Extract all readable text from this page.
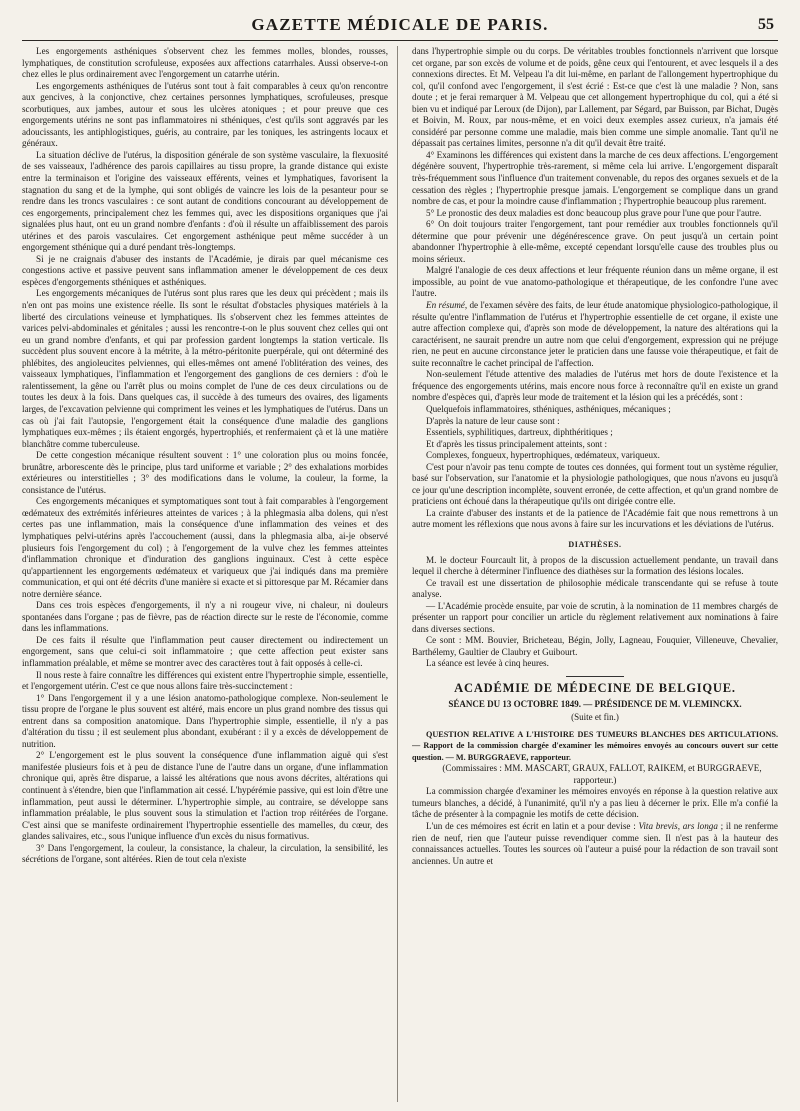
GAZETTE MÉDICALE DE PARIS.	55

Les engorgements asthéniques s'observent chez les femmes molles, blondes, rousses, lymphatiques, de constitution scrofuleuse, exposées aux affections catarrhales. Aussi observe-t-on chez elles le plus ordinairement avec l'engorgement un catarrhe utérin.

Les engorgements asthéniques de l'utérus sont tout à fait comparables à ceux qu'on rencontre aux gencives, à la conjonctive, chez certaines personnes lymphatiques, scrofuleuses, presque scorbutiques, aux jambes, autour et sous les ulcères atoniques ; et pour preuve que ces engorgements utérins ne sont pas inflammatoires ni sthéniques, c'est qu'ils sont aggravés par les adoucissants, les antiphlogistiques, guéris, au contraire, par les toniques, les astringents locaux et généraux.

La situation déclive de l'utérus, la disposition générale de son système vasculaire, la flexuosité de ses vaisseaux, l'adhérence des parois capillaires au tissu propre, la grande distance qui existe entre la terminaison et l'origine des vaisseaux efférents, veines et lymphatiques, favorisent la stagnation du sang et de la lymphe, qui sont obligés de vaincre les lois de la pesanteur pour se rendre dans les troncs vasculaires : ce sont autant de conditions concourant au développement de ces engorgements, principalement chez les femmes qui, avec les dispositions organiques que j'ai signalées plus haut, ont eu un grand nombre d'enfants : d'où il résulte un affaiblissement des parois utérines et des parois vasculaires. Cet engorgement asthénique peut même succéder à un engorgement sthénique qui a duré pendant très-longtemps.

Si je ne craignais d'abuser des instants de l'Académie, je dirais par quel mécanisme ces congestions active et passive peuvent sans inflammation amener le développement de ces deux espèces d'engorgements sthéniques et asthéniques.

Les engorgements mécaniques de l'utérus sont plus rares que les deux qui précèdent ; mais ils n'en ont pas moins une existence réelle. Ils sont le résultat d'obstacles physiques matériels à la liberté des circulations veineuse et lymphatiques. Ils s'observent chez les femmes atteintes de varices pelvi-abdominales et génitales ; aussi les rencontre-t-on le plus souvent chez celles qui ont eu un grand nombre d'enfants, et qui par profession gardent longtemps la station verticale. Ils succèdent plus souvent encore à la métrite, à la métro-péritonite puerpérale, qui ont déterminé des phlébites, des angioleucites pelviennes, qui elles-mêmes ont amené l'oblitération des veines, des vaisseaux lymphatiques, l'inflammation et l'engorgement des ganglions de ces derniers : d'où le ralentissement, la gêne ou l'arrêt plus ou moins complet de l'une de ces deux circulations ou de toutes les deux à la fois. Dans quelques cas, il succède à des tumeurs des ovaires, des ligaments larges, de l'excavation pelvienne qui compriment les veines et les lymphatiques de l'utérus. Dans un cas où j'ai fait l'autopsie, l'engorgement était la conséquence d'une maladie des ganglions lymphatiques eux-mêmes ; ils étaient engorgés, hypertrophiés, et renfermaient çà et là une matière blanchâtre comme tuberculeuse.

De cette congestion mécanique résultent souvent : 1° une coloration plus ou moins foncée, brunâtre, arborescente dès le principe, plus tard uniforme et variable ; 2° des exhalations morbides extérieures ou interstitielles ; 3° des modifications dans le volume, la couleur, la forme, la consistance de l'utérus.

Ces engorgements mécaniques et symptomatiques sont tout à fait comparables à l'engorgement œdémateux des extrémités inférieures atteintes de varices ; à la phlegmasia alba dolens, qui n'est certes pas une inflammation, mais la conséquence d'une inflammation des veines et des lymphatiques pelvi-utérins après l'accouchement (aussi, dans la phlegmasia alba, ai-je observé plusieurs fois l'engorgement du col) ; à l'engorgement de la vulve chez les femmes atteintes d'inflammation chronique et d'induration des ganglions inguinaux. C'est à cette espèce qu'appartiennent les engorgements œdémateux et variqueux que j'ai indiqués dans ma première communication, et qui ont été décrits d'une manière si exacte et si pittoresque par M. Récamier dans notre dernière séance.

Dans ces trois espèces d'engorgements, il n'y a ni rougeur vive, ni chaleur, ni douleurs spontanées dans l'organe ; pas de fièvre, pas de réaction directe sur le reste de l'économie, comme dans les inflammations.

De ces faits il résulte que l'inflammation peut causer directement ou indirectement un engorgement, sans que celui-ci soit inflammatoire ; que cette affection peut exister sans inflammation préalable, et même se montrer avec des caractères tout à fait opposés à celle-ci.

Il nous reste à faire connaître les différences qui existent entre l'hypertrophie simple, essentielle, et l'engorgement utérin. C'est ce que nous allons faire très-succinctement :

1° Dans l'engorgement il y a une lésion anatomo-pathologique complexe. Non-seulement le tissu propre de l'organe le plus souvent est altéré, mais encore un plus grand nombre des tissus qui entrent dans sa composition anatomique. Dans l'hypertrophie simple, essentielle, il n'y a pas d'altération du tissu ; il est seulement plus abondant, exubérant : il y a excès de développement de nutrition.

2° L'engorgement est le plus souvent la conséquence d'une inflammation aiguë qui s'est manifestée plusieurs fois et à peu de distance l'une de l'autre dans un organe, d'une inflammation chronique qui, après être disparue, a laissé les altérations que nous avons décrites, altérations qui continuent à s'étendre, bien que l'inflammation ait cessé. L'hypérémie passive, qui est loin d'être une inflammation, peut aussi le déterminer. L'hypertrophie simple, au contraire, se développe sans inflammation préalable, le plus souvent sous la stimulation et l'action trop réitérées de l'organe. C'est ainsi que se manifeste ordinairement l'hypertrophie essentielle des mamelles, du cœur, des glandes salivaires, etc., sous l'unique influence d'un excès du nisus formativus.

3° Dans l'engorgement, la couleur, la consistance, la chaleur, la circulation, la sensibilité, les sécrétions de l'organe, sont altérées. Rien de tout cela n'existe

dans l'hypertrophie simple ou du corps. De véritables troubles fonctionnels n'arrivent que lorsque cet organe, par son excès de volume et de poids, gêne ceux qui l'entourent, et avec lesquels il a des connexions directes. Et M. Velpeau l'a dit lui-même, en parlant de l'allongement hypertrophique du col, qu'il confond avec l'engorgement, il s'est écrié : Est-ce que c'est là une maladie ? Non, sans doute ; et je ferai remarquer à M. Velpeau que cet allongement hypertrophique du col, qui a été si bien vu et indiqué par Leroux (de Dijon), par Lallement, par Ségard, par Buisson, par Bichat, Dugès et Boivin, M. Roux, par nous-même, et en voici deux exemples assez curieux, n'a jamais été considéré par personne comme une maladie, mais bien comme une simple anomalie. Tant qu'il ne dépassait pas certaines limites, personne n'a dit qu'il devait être traité.

4° Examinons les différences qui existent dans la marche de ces deux affections. L'engorgement dégénère souvent, l'hypertrophie très-rarement, si même cela lui arrive. L'engorgement disparaît très-fréquemment sous l'influence d'un traitement convenable, du repos des organes sexuels et de la cessation des règles ; l'hypertrophie presque jamais. L'engorgement se complique dans un grand nombre de cas, et pour la moindre cause d'inflammation ; l'hypertrophie beaucoup plus rarement.

5° Le pronostic des deux maladies est donc beaucoup plus grave pour l'une que pour l'autre.

6° On doit toujours traiter l'engorgement, tant pour remédier aux troubles fonctionnels qu'il détermine que pour prévenir une dégénérescence grave. On peut jusqu'à un certain point abandonner l'hypertrophie à elle-même, excepté cependant lorsqu'elle cause des troubles plus ou moins sérieux.

Malgré l'analogie de ces deux affections et leur fréquente réunion dans un même organe, il est impossible, au point de vue anatomo-pathologique et thérapeutique, de les confondre l'une avec l'autre.

En résumé, de l'examen sévère des faits, de leur étude anatomique physiologico-pathologique, il résulte qu'entre l'inflammation de l'utérus et l'hypertrophie essentielle de cet organe, il existe une autre affection complexe qui, d'après son mode de développement, la nature des altérations qui la caractérisent, ne saurait prendre un autre nom que celui d'engorgement, expression qui ne préjuge rien, ne peut en aucune circonstance jeter le praticien dans une fausse voie thérapeutique, et fait de suite reconnaître le cachet principal de l'affection.

Non-seulement l'étude attentive des maladies de l'utérus met hors de doute l'existence et la fréquence des engorgements utérins, mais encore nous force à reconnaître qu'il en existe un grand nombre d'espèces qui, d'après leur mode de traitement et la lésion qui les a précédés, sont :

Quelquefois inflammatoires, sthéniques, asthéniques, mécaniques ;

D'après la nature de leur cause sont :

Essentiels, syphilitiques, dartreux, diphthéritiques ;

Et d'après les tissus principalement atteints, sont :

Complexes, fongueux, hypertrophiques, œdémateux, variqueux.

C'est pour n'avoir pas tenu compte de toutes ces données, qui forment tout un système régulier, basé sur l'observation, sur l'anatomie et la physiologie pathologiques, que nous n'avons eu jusqu'à ce jour qu'une description incomplète, souvent erronée, de cette affection, et qu'un grand nombre de praticiens ont échoué dans la thérapeutique qu'ils ont dirigée contre elle.

La crainte d'abuser des instants et de la patience de l'Académie fait que nous remettrons à un autre moment les réflexions que nous avons à faire sur les incurvations et les déviations de l'utérus.

DIATHÈSES.

M. le docteur Fourcault lit, à propos de la discussion actuellement pendante, un travail dans lequel il cherche à déterminer l'influence des diathèses sur la formation des lésions locales.

Ce travail est une dissertation de philosophie médicale transcendante qui se refuse à toute analyse.

— L'Académie procède ensuite, par voie de scrutin, à la nomination de 11 membres chargés de présenter un rapport pour concilier un article du règlement relativement aux nominations à faire dans diverses sections.

Ce sont : MM. Bouvier, Bricheteau, Bégin, Jolly, Lagneau, Fouquier, Villeneuve, Chevalier, Barthélemy, Gaultier de Claubry et Guibourt.

La séance est levée à cinq heures.

ACADÉMIE DE MÉDECINE DE BELGIQUE.
SÉANCE DU 13 OCTOBRE 1849. — PRÉSIDENCE DE M. VLEMINCKX.
(Suite et fin.)

QUESTION RELATIVE A L'HISTOIRE DES TUMEURS BLANCHES DES ARTICULATIONS. — Rapport de la commission chargée d'examiner les mémoires envoyés au concours ouvert sur cette question. — M. BURGGRAEVE, rapporteur.

(Commissaires : MM. MASCART, GRAUX, FALLOT, RAIKEM, et BURGGRAEVE, rapporteur.)

La commission chargée d'examiner les mémoires envoyés en réponse à la question relative aux tumeurs blanches, a décidé, à l'unanimité, qu'il n'y a pas lieu à décerner le prix. Elle m'a confié la tâche de présenter à la compagnie les motifs de cette décision.

L'un de ces mémoires est écrit en latin et a pour devise : Vita brevis, ars longa ; il ne renferme rien de neuf, rien que l'auteur puisse revendiquer comme sien. Il n'est pas à la hauteur des connaissances actuelles. Toutes les sources où l'auteur a puisé pour la rédaction de son travail sont anciennes. Un autre et
